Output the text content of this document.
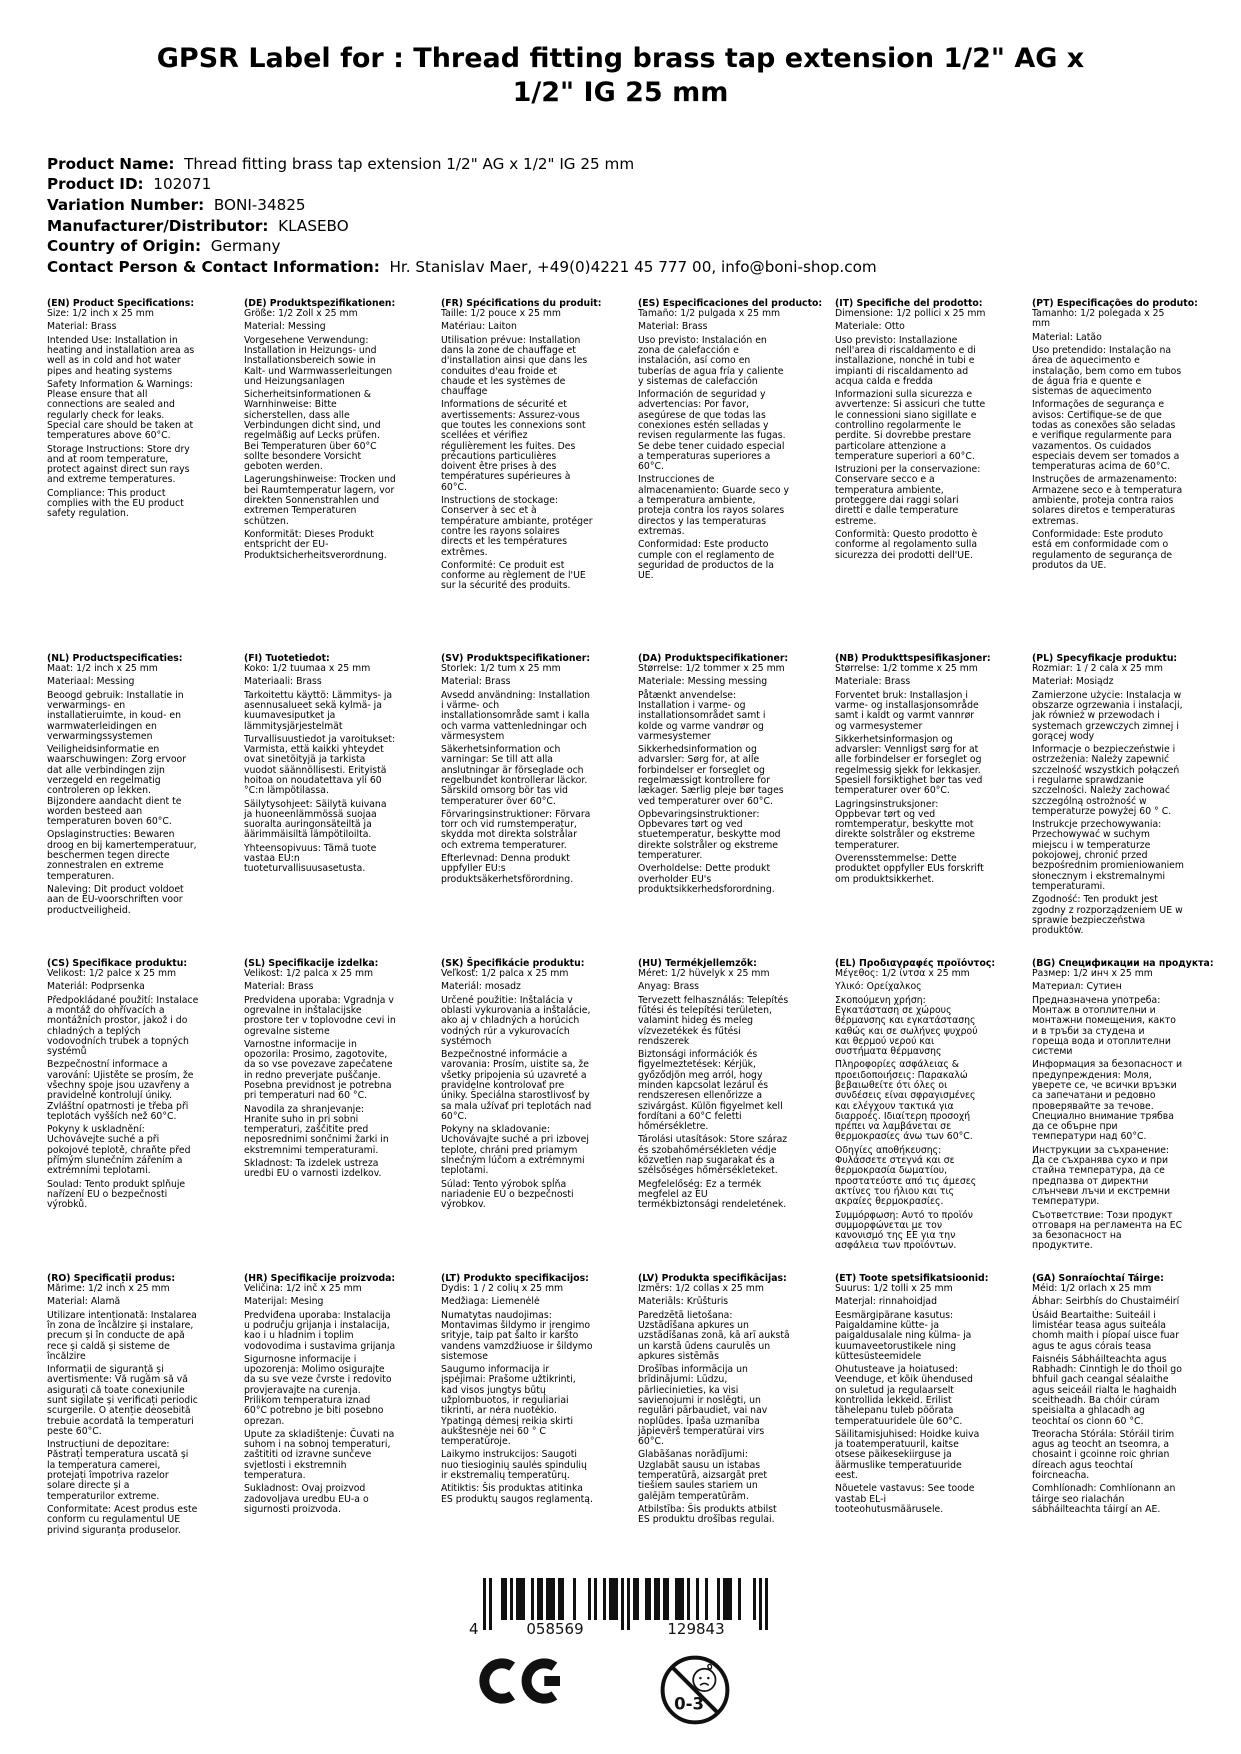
GPSR Label for : Thread fitting brass tap extension 1/2" AG x 1/2" IG 25 mm
Product Name:  Thread fitting brass tap extension 1/2" AG x 1/2" IG 25 mm
Product ID:  102071
Variation Number:  BONI-34825
Manufacturer/Distributor:  KLASEBO
Country of Origin:  Germany
Contact Person & Contact Information:  Hr. Stanislav Maer, +49(0)4221 45 777 00, info@boni-shop.com
(EN) Product Specifications:

Size: 1/2 inch x 25 mm

Material: Brass

Intended Use: Installation in heating and installation area as well as in cold and hot water pipes and heating systems

Safety Information & Warnings: Please ensure that all connections are sealed and regularly check for leaks. Special care should be taken at temperatures above 60°C.

Storage Instructions: Store dry and at room temperature, protect against direct sun rays and extreme temperatures.

Compliance: This product complies with the EU product safety regulation.

(DE) Produktspezifikationen:

Größe: 1/2 Zoll x 25 mm

Material: Messing

Vorgesehene Verwendung: Installation in Heizungs- und Installationsbereich sowie in Kalt- und Warmwasserleitungen und Heizungsanlagen

Sicherheitsinformationen & Warnhinweise: Bitte sicherstellen, dass alle Verbindungen dicht sind, und regelmäßig auf Lecks prüfen. Bei Temperaturen über 60°C sollte besondere Vorsicht geboten werden.

Lagerungshinweise: Trocken und bei Raumtemperatur lagern, vor direkten Sonnenstrahlen und extremen Temperaturen schützen.

Konformität: Dieses Produkt entspricht der EU-Produktsicherheitsverordnung.

(FR) Spécifications du produit:

Taille: 1/2 pouce x 25 mm

Matériau: Laiton

Utilisation prévue: Installation dans la zone de chauffage et d'installation ainsi que dans les conduites d'eau froide et chaude et les systèmes de chauffage

Informations de sécurité et avertissements: Assurez-vous que toutes les connexions sont scellées et vérifiez régulièrement les fuites. Des précautions particulières doivent être prises à des températures supérieures à 60°C.

Instructions de stockage: Conserver à sec et à température ambiante, protéger contre les rayons solaires directs et les températures extrêmes.

Conformité: Ce produit est conforme au règlement de l'UE sur la sécurité des produits.

(ES) Especificaciones del producto:

Tamaño: 1/2 pulgada x 25 mm

Material: Brass

Uso previsto: Instalación en zona de calefacción e instalación, así como en tuberías de agua fría y caliente y sistemas de calefacción

Información de seguridad y advertencias: Por favor, asegúrese de que todas las conexiones estén selladas y revisen regularmente las fugas. Se debe tener cuidado especial a temperaturas superiores a 60°C.

Instrucciones de almacenamiento: Guarde seco y a temperatura ambiente, proteja contra los rayos solares directos y las temperaturas extremas.

Conformidad: Este producto cumple con el reglamento de seguridad de productos de la UE.

(IT) Specifiche del prodotto:

Dimensione: 1/2 pollici x 25 mm

Materiale: Otto

Uso previsto: Installazione nell'area di riscaldamento e di installazione, nonché in tubi e impianti di riscaldamento ad acqua calda e fredda

Informazioni sulla sicurezza e avvertenze: Si assicuri che tutte le connessioni siano sigillate e controllino regolarmente le perdite. Si dovrebbe prestare particolare attenzione a temperature superiori a 60°C.

Istruzioni per la conservazione: Conservare secco e a temperatura ambiente, proteggere dai raggi solari diretti e dalle temperature estreme.

Conformità: Questo prodotto è conforme al regolamento sulla sicurezza dei prodotti dell'UE.

(PT) Especificações do produto:

Tamanho: 1/2 polegada x 25 mm

Material: Latão

Uso pretendido: Instalação na área de aquecimento e instalação, bem como em tubos de água fria e quente e sistemas de aquecimento

Informações de segurança e avisos: Certifique-se de que todas as conexões são seladas e verifique regularmente para vazamentos. Os cuidados especiais devem ser tomados a temperaturas acima de 60°C.

Instruções de armazenamento: Armazene seco e à temperatura ambiente, proteja contra raios solares diretos e temperaturas extremas.

Conformidade: Este produto está em conformidade com o regulamento de segurança de produtos da UE.

(NL) Productspecificaties:

Maat: 1/2 inch x 25 mm

Materiaal: Messing

Beoogd gebruik: Installatie in verwarmings- en installatieruimte, in koud- en warmwaterleidingen en verwarmingssystemen

Veiligheidsinformatie en waarschuwingen: Zorg ervoor dat alle verbindingen zijn verzegeld en regelmatig controleren op lekken. Bijzondere aandacht dient te worden besteed aan temperaturen boven 60°C.

Opslaginstructies: Bewaren droog en bij kamertemperatuur, beschermen tegen directe zonnestralen en extreme temperaturen.

Naleving: Dit product voldoet aan de EU-voorschriften voor productveiligheid.

(FI) Tuotetiedot:

Koko: 1/2 tuumaa x 25 mm

Materiaali: Brass

Tarkoitettu käyttö: Lämmitys- ja asennusalueet sekä kylmä- ja kuumavesiputket ja lämmitysjärjestelmät

Turvallisuustiedot ja varoitukset: Varmista, että kaikki yhteydet ovat sinetöityjä ja tarkista vuodot säännöllisesti. Erityistä hoitoa on noudatettava yli 60 °C:n lämpötilassa.

Säilytysohjeet: Säilytä kuivana ja huoneenlämmössä suojaa suoralta auringonsäteiltä ja äärimmäisiltä lämpötiloilta.

Yhteensopivuus: Tämä tuote vastaa EU:n tuoteturvallisuusasetusta.

(SV) Produktspecifikationer:

Storlek: 1/2 tum x 25 mm

Material: Brass

Avsedd användning: Installation i värme- och installationsområde samt i kalla och varma vattenledningar och värmesystem

Säkerhetsinformation och varningar: Se till att alla anslutningar är förseglade och regelbundet kontrollerar läckor. Särskild omsorg bör tas vid temperaturer över 60°C.

Förvaringsinstruktioner: Förvara torr och vid rumstemperatur, skydda mot direkta solstrålar och extrema temperaturer.

Efterlevnad: Denna produkt uppfyller EU:s produktsäkerhetsförordning.

(DA) Produktspecifikationer:

Størrelse: 1/2 tommer x 25 mm

Materiale: Messing messing

Påtænkt anvendelse: Installation i varme- og installationsområdet samt i kolde og varme vandrør og varmesystemer

Sikkerhedsinformation og advarsler: Sørg for, at alle forbindelser er forseglet og regelmæssigt kontrollere for lækager. Særlig pleje bør tages ved temperaturer over 60°C.

Opbevaringsinstruktioner: Opbevares tørt og ved stuetemperatur, beskytte mod direkte solstråler og ekstreme temperaturer.

Overholdelse: Dette produkt overholder EU's produktsikkerhedsforordning.

(NB) Produkttspesifikasjoner:

Størrelse: 1/2 tomme x 25 mm

Materiale: Brass

Forventet bruk: Installasjon i varme- og installasjonsområde samt i kaldt og varmt vannrør og varmesystemer

Sikkerhetsinformasjon og advarsler: Vennligst sørg for at alle forbindelser er forseglet og regelmessig sjekk for lekkasjer. Spesiell forsiktighet bør tas ved temperaturer over 60°C.

Lagringsinstruksjoner: Oppbevar tørt og ved romtemperatur, beskytte mot direkte solstråler og ekstreme temperaturer.

Overensstemmelse: Dette produktet oppfyller EUs forskrift om produktsikkerhet.

(PL) Specyfikacje produktu:

Rozmiar: 1 / 2 cala x 25 mm

Materiał: Mosiądz

Zamierzone użycie: Instalacja w obszarze ogrzewania i instalacji, jak również w przewodach i systemach grzewczych zimnej i gorącej wody

Informacje o bezpieczeństwie i ostrzeżenia: Należy zapewnić szczelność wszystkich połączeń i regularne sprawdzanie szczelności. Należy zachować szczególną ostrożność w temperaturze powyżej 60 ° C.

Instrukcje przechowywania: Przechowywać w suchym miejscu i w temperaturze pokojowej, chronić przed bezpośrednim promieniowaniem słonecznym i ekstremalnymi temperaturami.

Zgodność: Ten produkt jest zgodny z rozporządzeniem UE w sprawie bezpieczeństwa produktów.

(CS) Specifikace produktu:

Velikost: 1/2 palce x 25 mm

Materiál: Podprsenka

Předpokládané použití: Instalace a montáž do ohřívacích a montážních prostor, jakož i do chladných a teplých vodovodních trubek a topných systémů

Bezpečnostní informace a varování: Ujistěte se prosím, že všechny spoje jsou uzavřeny a pravidelně kontrolují úniky. Zvláštní opatrnosti je třeba při teplotách vyšších než 60°C.

Pokyny k uskladnění: Uchovávejte suché a při pokojové teplotě, chraňte před přímým slunečním zářením a extrémními teplotami.

Soulad: Tento produkt splňuje nařízení EU o bezpečnosti výrobků.

(SL) Specifikacije izdelka:

Velikost: 1/2 palca x 25 mm

Material: Brass

Predvidena uporaba: Vgradnja v ogrevalne in inštalacijske prostore ter v toplovodne cevi in ogrevalne sisteme

Varnostne informacije in opozorila: Prosimo, zagotovite, da so vse povezave zapečatene in redno preverjate puščanje. Posebna previdnost je potrebna pri temperaturi nad 60 °C.

Navodila za shranjevanje: Hranite suho in pri sobni temperaturi, zaščitite pred neposrednimi sončnimi žarki in ekstremnimi temperaturami.

Skladnost: Ta izdelek ustreza uredbi EU o varnosti izdelkov.

(SK) Špecifikácie produktu:

Veľkosť: 1/2 palca x 25 mm

Materiál: mosadz

Určené použitie: Inštalácia v oblasti vykurovania a inštalácie, ako aj v chladných a horúcich vodných rúr a vykurovacích systémoch

Bezpečnostné informácie a varovania: Prosím, uistite sa, že všetky pripojenia sú uzavreté a pravidelne kontrolovať pre úniky. Špeciálna starostlivosť by sa mala užívať pri teplotách nad 60°C.

Pokyny na skladovanie: Uchovávajte suché a pri izbovej teplote, chráni pred priamym slnečným lúčom a extrémnymi teplotami.

Súlad: Tento výrobok spĺňa nariadenie EÚ o bezpečnosti výrobkov.

(HU) Termékjellemzők:

Méret: 1/2 hüvelyk x 25 mm

Anyag: Brass

Tervezett felhasználás: Telepítés fűtési és telepítési területen, valamint hideg és meleg vízvezetékek és fűtési rendszerek

Biztonsági információk és figyelmeztetések: Kérjük, győződjön meg arról, hogy minden kapcsolat lezárul és rendszeresen ellenőrizze a szivárgást. Külön figyelmet kell fordítani a 60°C feletti hőmérsékletre.

Tárolási utasítások: Store száraz és szobahőmérsékleten védje közvetlen nap sugarakat és a szélsőséges hőmérsékleteket.

Megfelelőség: Ez a termék megfelel az EU termékbiztonsági rendeletének.

(EL) Προδιαγραφές προϊόντος:

Μέγεθος: 1/2 ίντσα x 25 mm

Υλικό: Ορείχαλκος

Σκοπούμενη χρήση: Εγκατάσταση σε χώρους θέρμανσης και εγκατάστασης καθώς και σε σωλήνες ψυχρού και θερμού νερού και συστήματα θέρμανσης

Πληροφορίες ασφάλειας & προειδοποιήσεις: Παρακαλώ βεβαιωθείτε ότι όλες οι συνδέσεις είναι σφραγισμένες και ελέγχουν τακτικά για διαρροές. Ιδιαίτερη προσοχή πρέπει να λαμβάνεται σε θερμοκρασίες άνω των 60°C.

Οδηγίες αποθήκευσης: Φυλάσσετε στεγνά και σε θερμοκρασία δωματίου, προστατεύστε από τις άμεσες ακτίνες του ήλιου και τις ακραίες θερμοκρασίες.

Συμμόρφωση: Αυτό το προϊόν συμμορφώνεται με τον κανονισμό της ΕΕ για την ασφάλεια των προϊόντων.

(BG) Спецификации на продукта:

Размер: 1/2 инч x 25 mm

Материал: Сутиен

Предназначена употреба: Монтаж в отоплителни и монтажни помещения, както и в тръби за студена и гореща вода и отоплителни системи

Информация за безопасност и предупреждения: Моля, уверете се, че всички връзки са запечатани и редовно проверявайте за течове. Специално внимание трябва да се обърне при температури над 60°C.

Инструкции за съхранение: Да се съхранява сухо и при стайна температура, да се предпазва от директни слънчеви лъчи и екстремни температури.

Съответствие: Този продукт отговаря на регламента на ЕС за безопасност на продуктите.

(RO) Specificații produs:

Mărime: 1/2 inch x 25 mm

Material: Alamă

Utilizare intenționată: Instalarea în zona de încălzire și instalare, precum și în conducte de apă rece și caldă și sisteme de încălzire

Informații de siguranță și avertismente: Vă rugăm să vă asigurați că toate conexiunile sunt sigilate și verificați periodic scurgerile. O atenție deosebită trebuie acordată la temperaturi peste 60°C.

Instrucțiuni de depozitare: Păstrați temperatura uscată și la temperatura camerei, protejați împotriva razelor solare directe și a temperaturilor extreme.

Conformitate: Acest produs este conform cu regulamentul UE privind siguranța produselor.

(HR) Specifikacije proizvoda:

Veličina: 1/2 inč x 25 mm

Materijal: Mesing

Predviđena uporaba: Instalacija u području grijanja i instalacija, kao i u hladnim i toplim vodovodima i sustavima grijanja

Sigurnosne informacije i upozorenja: Molimo osigurajte da su sve veze čvrste i redovito provjeravajte na curenja. Prilikom temperatura iznad 60°C potrebno je biti posebno oprezan.

Upute za skladištenje: Čuvati na suhom i na sobnoj temperaturi, zaštititi od izravne sunčeve svjetlosti i ekstremnih temperatura.

Sukladnost: Ovaj proizvod zadovoljava uredbu EU-a o sigurnosti proizvoda.

(LT) Produkto specifikacijos:

Dydis: 1 / 2 colių x 25 mm

Medžiaga: Liemenėlė

Numatytas naudojimas: Montavimas šildymo ir įrengimo srityje, taip pat šalto ir karšto vandens vamzdžiuose ir šildymo sistemose

Saugumo informacija ir įspėjimai: Prašome užtikrinti, kad visos jungtys būtų užplombuotos, ir reguliariai tikrinti, ar nėra nuotėkio. Ypatingą dėmesį reikia skirti aukštesnėje nei 60 ° C temperatūroje.

Laikymo instrukcijos: Saugoti nuo tiesioginių saulės spindulių ir ekstremalių temperatūrų.

Atitiktis: Šis produktas atitinka ES produktų saugos reglamentą.

(LV) Produkta specifikācijas:

Izmērs: 1/2 collas x 25 mm

Materiāls: Krūšturis

Paredzētā lietošana: Uzstādīšana apkures un uzstādīšanas zonā, kā arī aukstā un karstā ūdens caurulēs un apkures sistēmās

Drošības informācija un brīdinājumi: Lūdzu, pārliecinieties, ka visi savienojumi ir noslēgti, un regulāri pārbaudiet, vai nav noplūdes. Īpaša uzmanība jāpievērš temperatūrai virs 60°C.

Glabāšanas norādījumi: Uzglabāt sausu un istabas temperatūrā, aizsargāt pret tiešiem saules stariem un galējām temperatūrām.

Atbilstība: Šis produkts atbilst ES produktu drošības regulai.

(ET) Toote spetsifikatsioonid:

Suurus: 1/2 tolli x 25 mm

Materjal: rinnahoidjad

Eesmärgipärane kasutus: Paigaldamine kütte- ja paigaldusalale ning külma- ja kuumaveetorustikele ning küttesüsteemidele

Ohutusteave ja hoiatused: Veenduge, et kõik ühendused on suletud ja regulaarselt kontrollida lekkeid. Erilist tähelepanu tuleb pöörata temperatuuridele üle 60°C.

Säilitamisjuhised: Hoidke kuiva ja toatemperatuuril, kaitse otsese päikesekiirguse ja äärmuslike temperatuuride eest.

Nõuetele vastavus: See toode vastab EL-i tooteohutusmäärusele.

(GA) Sonraíochtaí Táirge:

Méid: 1/2 orlach x 25 mm

Ábhar: Seirbhís do Chustaiméirí

Úsáid Beartaithe: Suiteáil i limistéar teasa agus suiteála chomh maith i píopaí uisce fuar agus te agus córais teasa

Faisnéis Sábháilteachta agus Rabhadh: Cinntigh le do thoil go bhfuil gach ceangal séalaithe agus seiceáil rialta le haghaidh sceitheadh. Ba chóir cúram speisialta a ghlacadh ag teochtaí os cionn 60 °C.

Treoracha Stórála: Stóráil tirim agus ag teocht an tseomra, a chosaint i gcoinne roic ghrian díreach agus teochtaí foircneacha.

Comhlíonadh: Comhlíonann an táirge seo rialachán sábháilteachta táirgí an AE.

4	058569	129843
0-3
